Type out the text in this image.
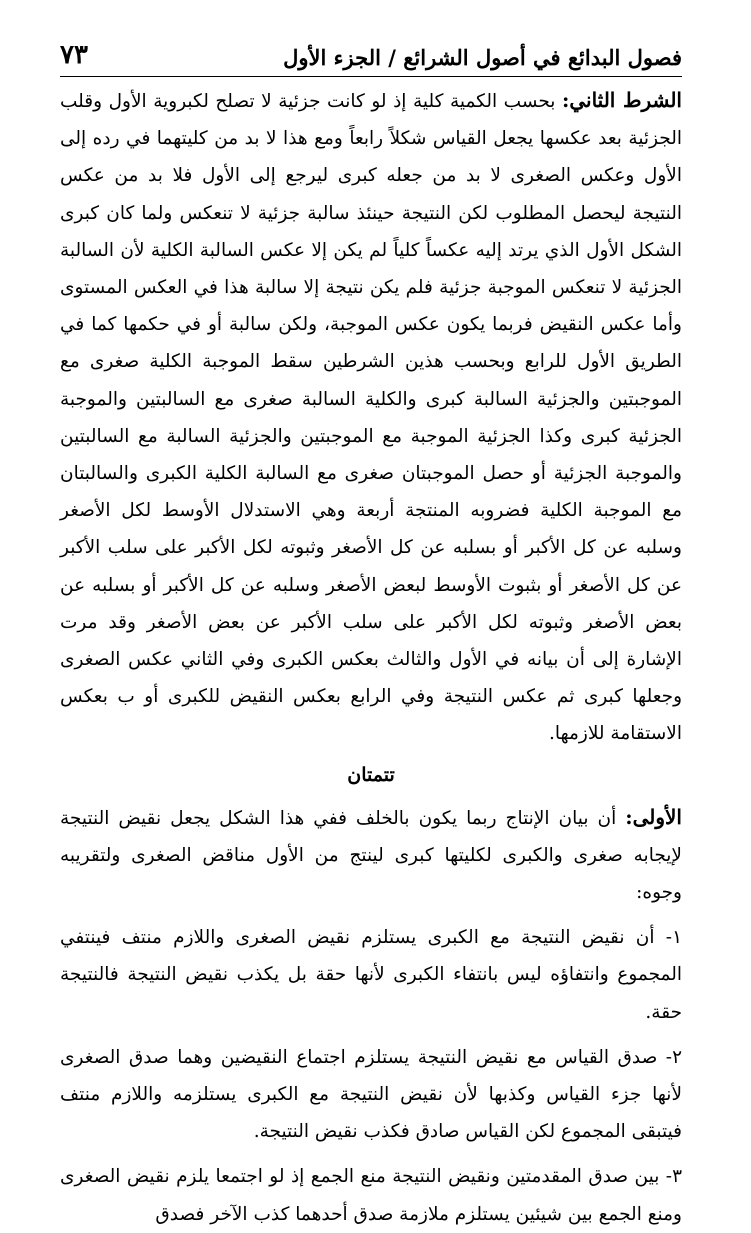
فصول البدائع في أصول الشرائع / الجزء الأول
٧٣

الشرط الثاني: بحسب الكمية كلية إذ لو كانت جزئية لا تصلح لكبروية الأول وقلب الجزئية بعد عكسها يجعل القياس شكلاً رابعاً ومع هذا لا بد من كليتهما في رده إلى الأول وعكس الصغرى لا بد من جعله كبرى ليرجع إلى الأول فلا بد من عكس النتيجة ليحصل المطلوب لكن النتيجة حينئذ سالبة جزئية لا تنعكس ولما كان كبرى الشكل الأول الذي يرتد إليه عكساً كلياً لم يكن إلا عكس السالبة الكلية لأن السالبة الجزئية لا تنعكس الموجبة جزئية فلم يكن نتيجة إلا سالبة هذا في العكس المستوى وأما عكس النقيض فربما يكون عكس الموجبة، ولكن سالبة أو في حكمها كما في الطريق الأول للرابع وبحسب هذين الشرطين سقط الموجبة الكلية صغرى مع الموجبتين والجزئية السالبة كبرى والكلية السالبة صغرى مع السالبتين والموجبة الجزئية كبرى وكذا الجزئية الموجبة مع الموجبتين والجزئية السالبة مع السالبتين والموجبة الجزئية أو حصل الموجبتان صغرى مع السالبة الكلية الكبرى والسالبتان مع الموجبة الكلية فضروبه المنتجة أربعة وهي الاستدلال الأوسط لكل الأصغر وسلبه عن كل الأكبر أو بسلبه عن كل الأصغر وثبوته لكل الأكبر على سلب الأكبر عن كل الأصغر أو بثبوت الأوسط لبعض الأصغر وسلبه عن كل الأكبر أو بسلبه عن بعض الأصغر وثبوته لكل الأكبر على سلب الأكبر عن بعض الأصغر وقد مرت الإشارة إلى أن بيانه في الأول والثالث بعكس الكبرى وفي الثاني عكس الصغرى وجعلها كبرى ثم عكس النتيجة وفي الرابع بعكس النقيض للكبرى أو ب بعكس الاستقامة للازمها.

تتمتان

الأولى: أن بيان الإنتاج ربما يكون بالخلف ففي هذا الشكل يجعل نقيض النتيجة لإيجابه صغرى والكبرى لكليتها كبرى لينتج من الأول مناقض الصغرى ولتقريبه وجوه:

١- أن نقيض النتيجة مع الكبرى يستلزم نقيض الصغرى واللازم منتف فينتفي المجموع وانتفاؤه ليس بانتفاء الكبرى لأنها حقة بل يكذب نقيض النتيجة فالنتيجة حقة.

٢- صدق القياس مع نقيض النتيجة يستلزم اجتماع النقيضين وهما صدق الصغرى لأنها جزء القياس وكذبها لأن نقيض النتيجة مع الكبرى يستلزمه واللازم منتف فيتبقى المجموع لكن القياس صادق فكذب نقيض النتيجة.

٣- بين صدق المقدمتين ونقيض النتيجة منع الجمع إذ لو اجتمعا يلزم نقيض الصغرى ومنع الجمع بين شيئين يستلزم ملازمة صدق أحدهما كذب الآخر فصدق
